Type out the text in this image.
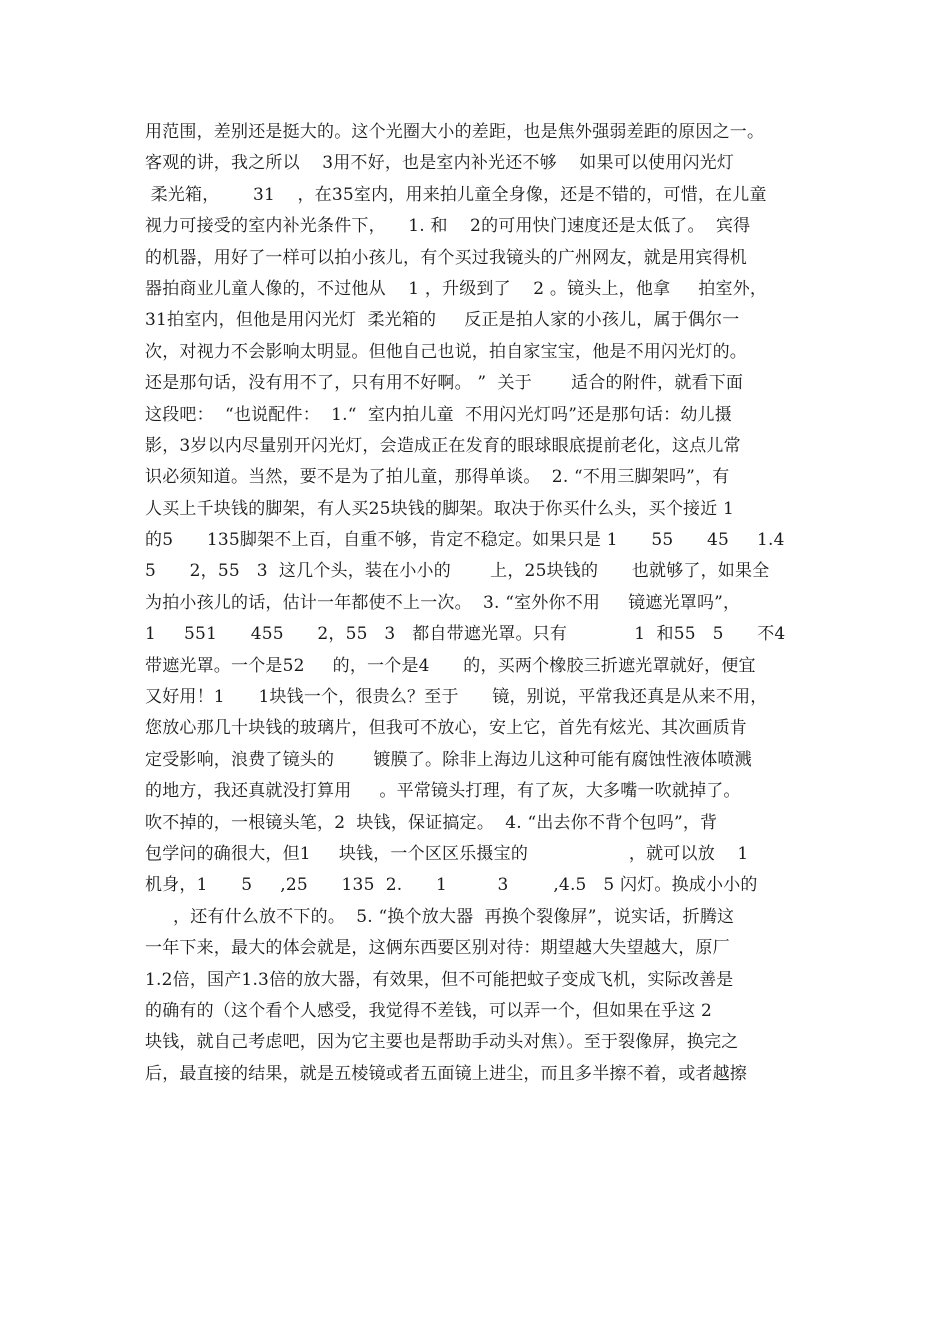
用范围，差别还是挺大的。这个光圈大小的差距，也是焦外强弱差距的原因之一。
客观的讲，我之所以    3用不好，也是室内补光还不够    如果可以使用闪光灯
柔光箱，      31    ，在35室内，用来拍儿童全身像，还是不错的，可惜，在儿童
视力可接受的室内补光条件下，    1. 和    2的可用快门速度还是太低了。  宾得
的机器，用好了一样可以拍小孩儿，有个买过我镜头的广州网友，就是用宾得机
器拍商业儿童人像的，不过他从    1 ，升级到了    2 。镜头上，他拿     拍室外，
31拍室内，但他是用闪光灯  柔光箱的     反正是拍人家的小孩儿，属于偶尔一
次，对视力不会影响太明显。但他自己也说，拍自家宝宝，他是不用闪光灯的。
还是那句话，没有用不了，只有用不好啊。 ”  关于       适合的附件，就看下面
这段吧：  “也说配件：  1.“  室内拍儿童  不用闪光灯吗”还是那句话：幼儿摄
影，3岁以内尽量别开闪光灯，会造成正在发育的眼球眼底提前老化，这点儿常
识必须知道。当然，要不是为了拍儿童，那得单谈。  2. “不用三脚架吗”，有
人买上千块钱的脚架，有人买25块钱的脚架。取决于你买什么头，买个接近 1
的5      135脚架不上百，自重不够，肯定不稳定。如果只是 1      55      45     1.4
5      2，55   3  这几个头，装在小小的       上，25块钱的      也就够了，如果全
为拍小孩儿的话，估计一年都使不上一次。  3. “室外你不用     镜遮光罩吗”，
1     551      455      2，55   3   都自带遮光罩。只有            1  和55   5      不4
带遮光罩。一个是52     的，一个是4      的，买两个橡胶三折遮光罩就好，便宜
又好用！1      1块钱一个，很贵么？至于      镜，别说，平常我还真是从来不用，
您放心那几十块钱的玻璃片，但我可不放心，安上它，首先有炫光、其次画质肯
定受影响，浪费了镜头的       镀膜了。除非上海边儿这种可能有腐蚀性液体喷溅
的地方，我还真就没打算用     。平常镜头打理，有了灰，大多嘴一吹就掉了。
吹不掉的，一根镜头笔，2  块钱，保证搞定。  4. “出去你不背个包吗”，背
包学问的确很大，但1     块钱，一个区区乐摄宝的                  ，就可以放    1
机身，1      5     ,25      135  2.      1         3        ,4.5   5 闪灯。换成小小的
，还有什么放不下的。  5. “换个放大器  再换个裂像屏”，说实话，折腾这
一年下来，最大的体会就是，这俩东西要区别对待：期望越大失望越大，原厂
1.2倍，国产1.3倍的放大器，有效果，但不可能把蚊子变成飞机，实际改善是
的确有的（这个看个人感受，我觉得不差钱，可以弄一个，但如果在乎这 2
块钱，就自己考虑吧，因为它主要也是帮助手动头对焦）。至于裂像屏，换完之
后，最直接的结果，就是五棱镜或者五面镜上进尘，而且多半擦不着，或者越擦
